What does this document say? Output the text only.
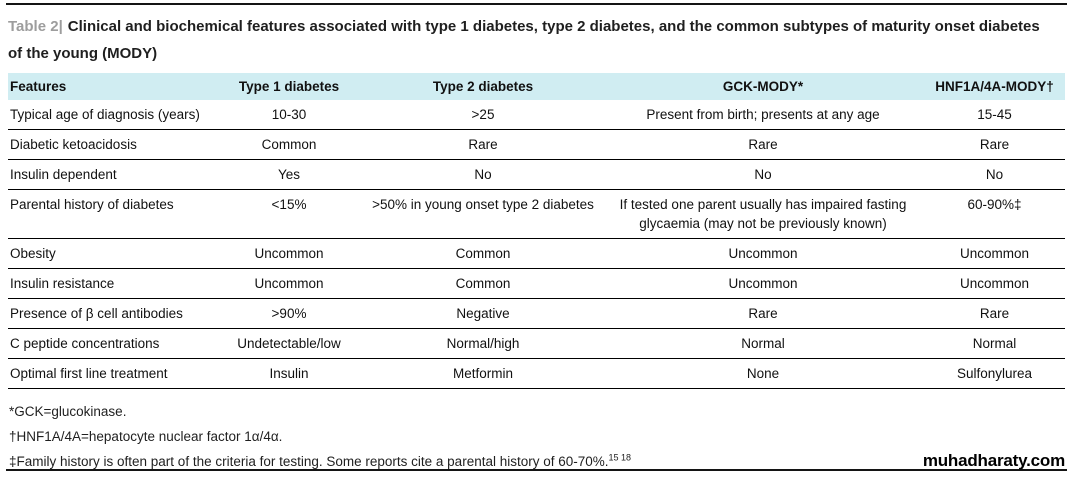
Table 2| Clinical and biochemical features associated with type 1 diabetes, type 2 diabetes, and the common subtypes of maturity onset diabetes of the young (MODY)
Features	Type 1 diabetes	Type 2 diabetes	GCK-MODY*	HNF1A/4A-MODY†
Typical age of diagnosis (years)	10-30	>25	Present from birth; presents at any age	15-45
Diabetic ketoacidosis	Common	Rare	Rare	Rare
Insulin dependent	Yes	No	No	No
Parental history of diabetes	<15%	>50% in young onset type 2 diabetes	If tested one parent usually has impaired fasting glycaemia (may not be previously known)	60-90%‡
Obesity	Uncommon	Common	Uncommon	Uncommon
Insulin resistance	Uncommon	Common	Uncommon	Uncommon
Presence of β cell antibodies	>90%	Negative	Rare	Rare
C peptide concentrations	Undetectable/low	Normal/high	Normal	Normal
Optimal first line treatment	Insulin	Metformin	None	Sulfonylurea
*GCK=glucokinase.
†HNF1A/4A=hepatocyte nuclear factor 1α/4α.
‡Family history is often part of the criteria for testing. Some reports cite a parental history of 60-70%.$^{15 18}$	muhadharaty.com
